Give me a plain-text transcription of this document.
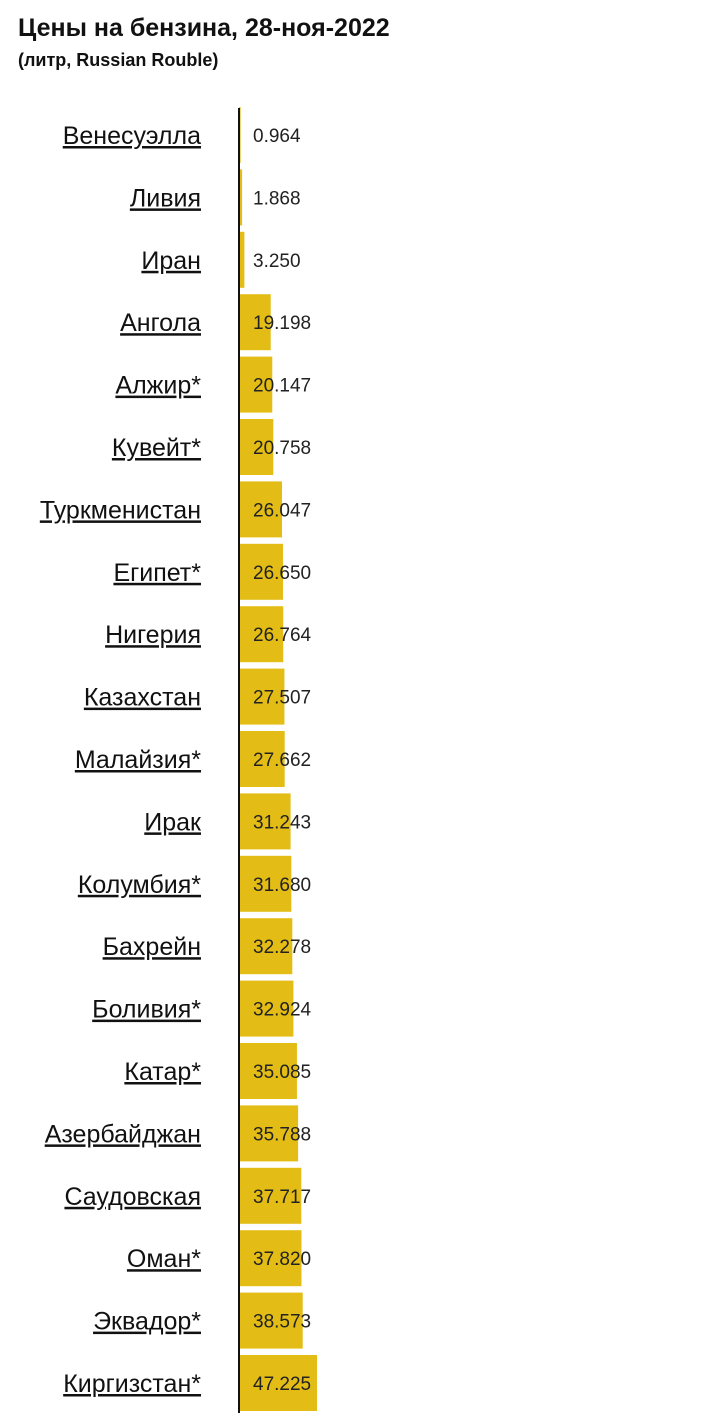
Цены на бензина, 28-ноя-2022
(литр, Russian Rouble)
Венесуэлла	0.964
Ливия	1.868
Иран	3.250
Ангола	19.198
Алжир*	20.147
Кувейт*	20.758
Туркменистан	26.047
Египет*	26.650
Нигерия	26.764
Казахстан	27.507
Малайзия*	27.662
Ирак	31.243
Колумбия*	31.680
Бахрейн	32.278
Боливия*	32.924
Катар*	35.085
Азербайджан	35.788
Саудовская	37.717
Оман*	37.820
Эквадор*	38.573
Киргизстан*	47.225
